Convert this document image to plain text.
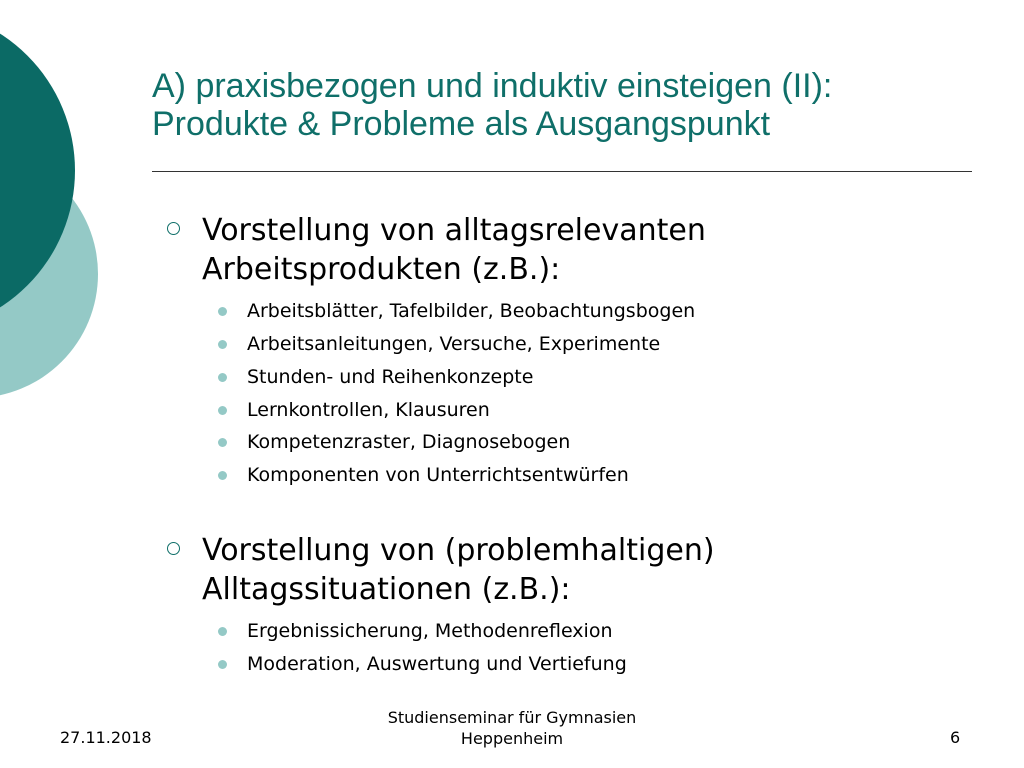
A) praxisbezogen und induktiv einsteigen (II):
Produkte & Probleme als Ausgangspunkt
Vorstellung von alltagsrelevanten
Arbeitsprodukten (z.B.):
Arbeitsblätter, Tafelbilder, Beobachtungsbogen
Arbeitsanleitungen, Versuche, Experimente
Stunden- und Reihenkonzepte
Lernkontrollen, Klausuren
Kompetenzraster, Diagnosebogen
Komponenten von Unterrichtsentwürfen
Vorstellung von (problemhaltigen)
Alltagssituationen (z.B.):
Ergebnissicherung, Methodenreflexion
Moderation, Auswertung und Vertiefung
27.11.2018
Studienseminar für Gymnasien
Heppenheim	6
